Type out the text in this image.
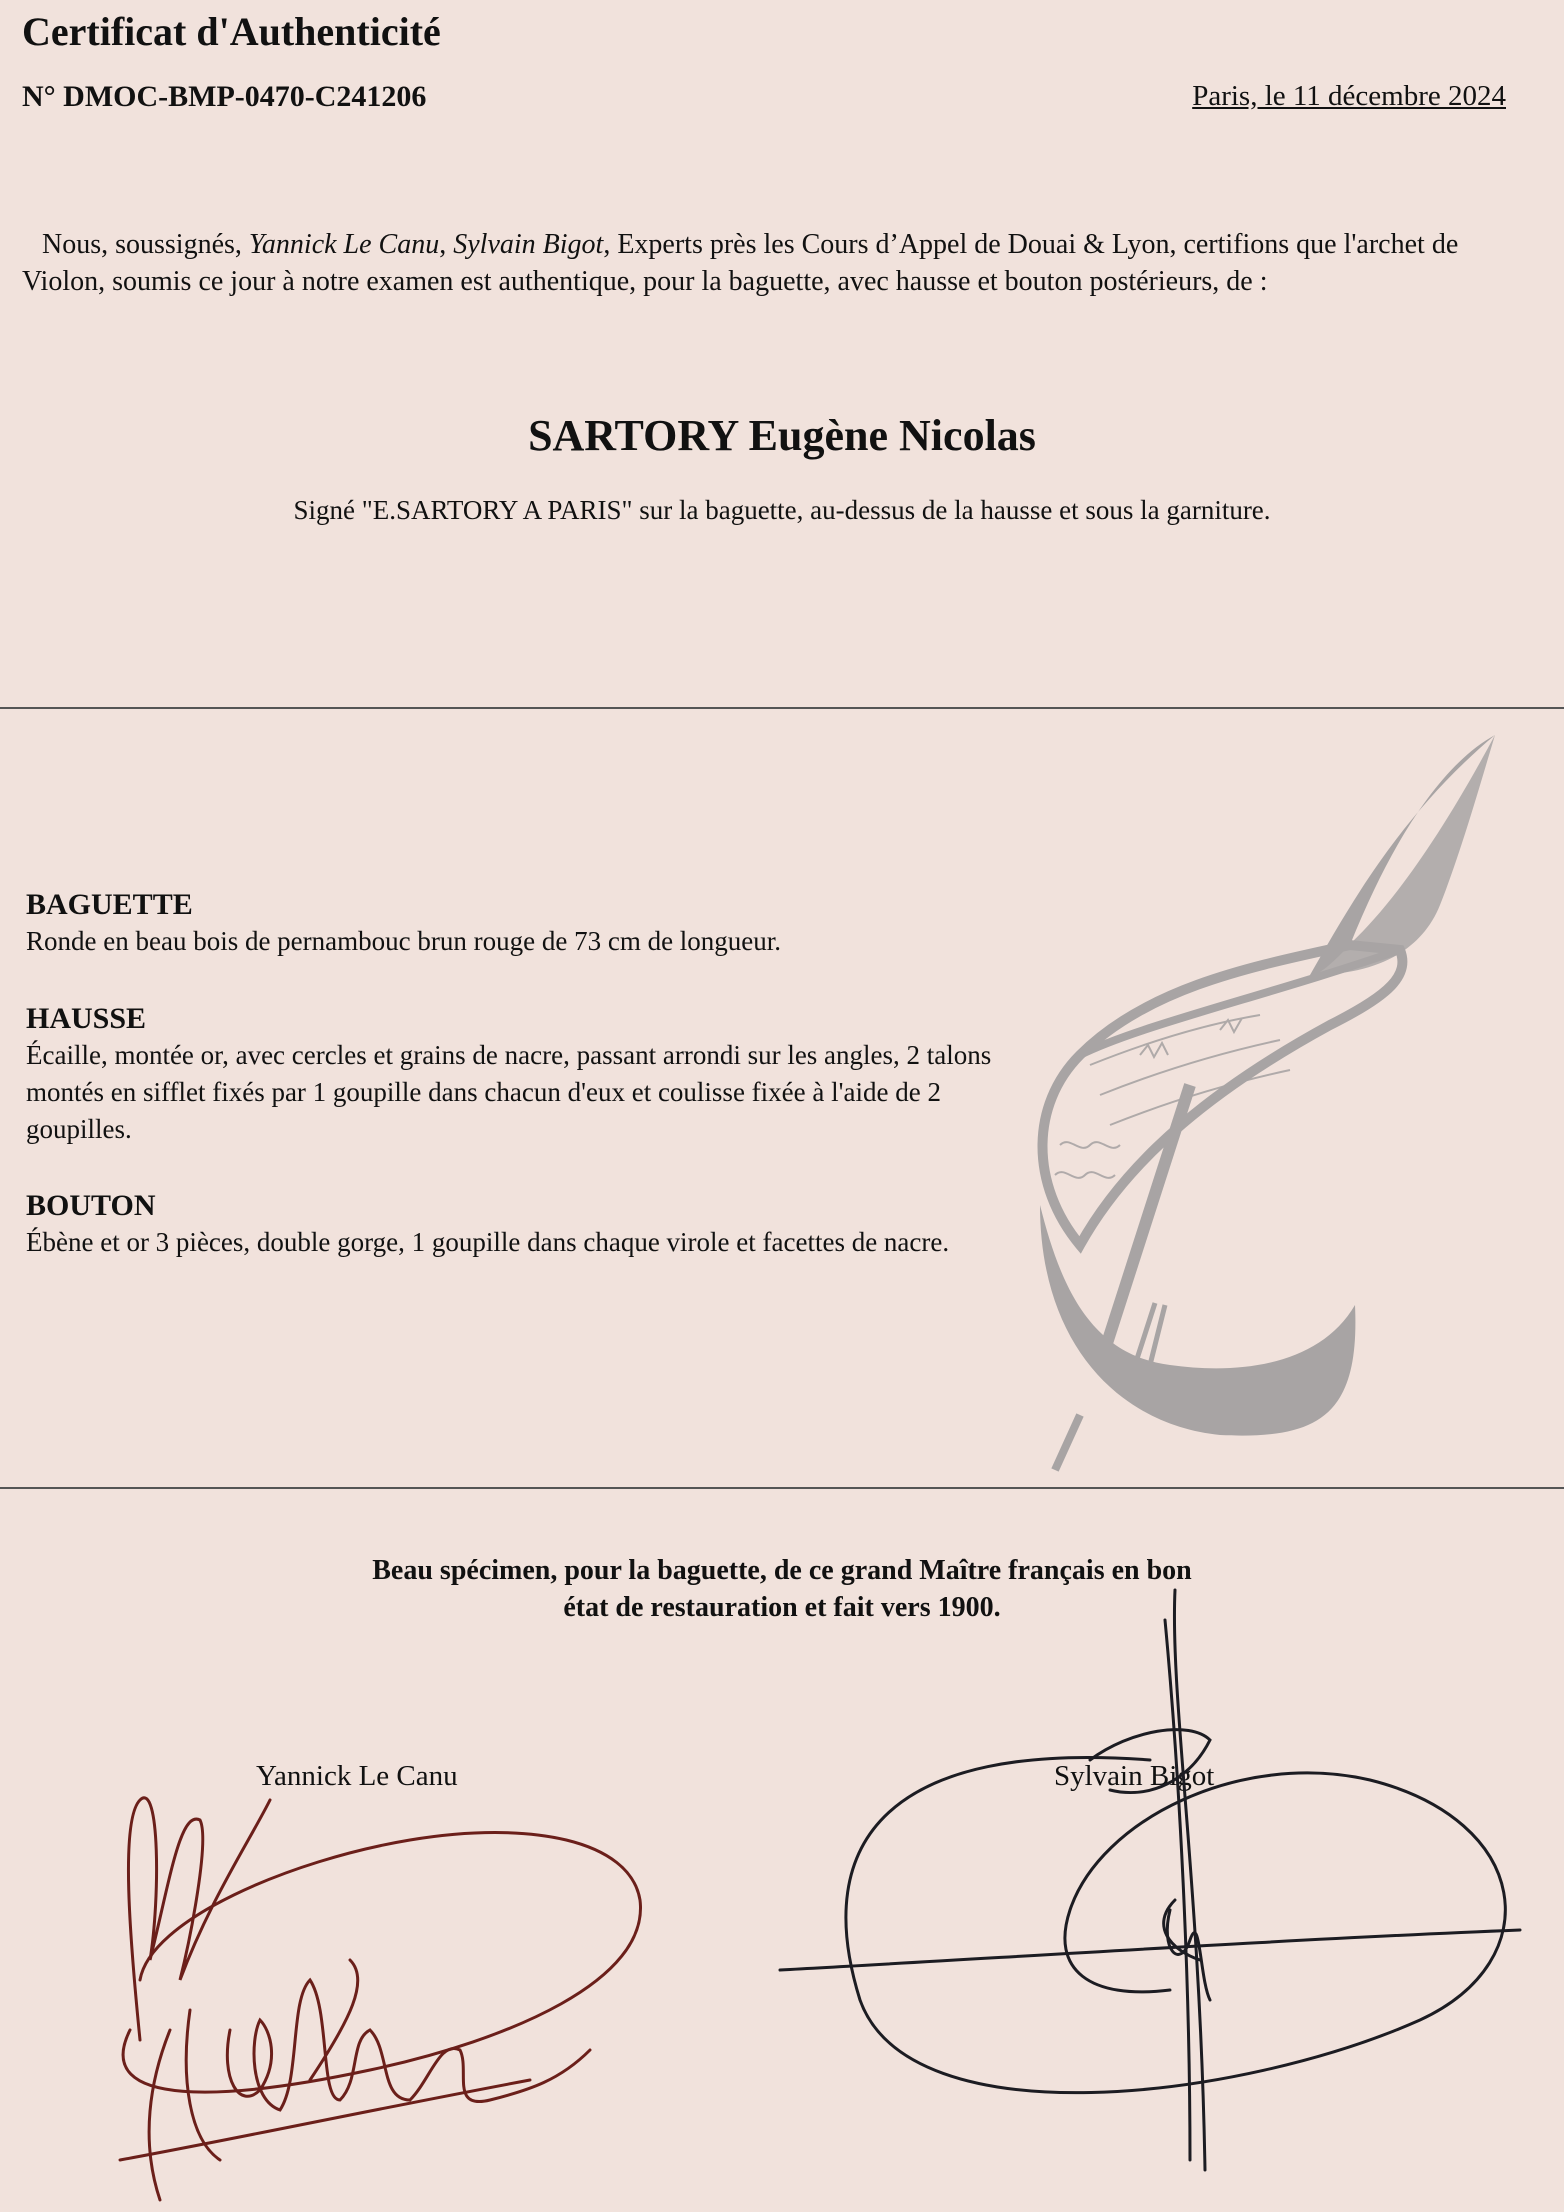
Certificat d'Authenticité
N° DMOC-BMP-0470-C241206	Paris, le 11 décembre 2024
Nous, soussignés, Yannick Le Canu, Sylvain Bigot, Experts près les Cours d’Appel de Douai & Lyon, certifions que l'archet de Violon, soumis ce jour à notre examen est authentique, pour la baguette, avec hausse et bouton postérieurs, de :
SARTORY Eugène Nicolas
Signé "E.SARTORY A PARIS" sur la baguette, au-dessus de la hausse et sous la garniture.
BAGUETTE
Ronde en beau bois de pernambouc brun rouge de 73 cm de longueur.
HAUSSE
Écaille, montée or, avec cercles et grains de nacre, passant arrondi sur les angles, 2 talons montés en sifflet fixés par 1 goupille dans chacun d'eux et coulisse fixée à l'aide de 2 goupilles.
BOUTON
Ébène et or 3 pièces, double gorge, 1 goupille dans chaque virole et facettes de nacre.
Beau spécimen, pour la baguette, de ce grand Maître français en bon
état de restauration et fait vers 1900.
Yannick Le Canu	Sylvain Bigot
